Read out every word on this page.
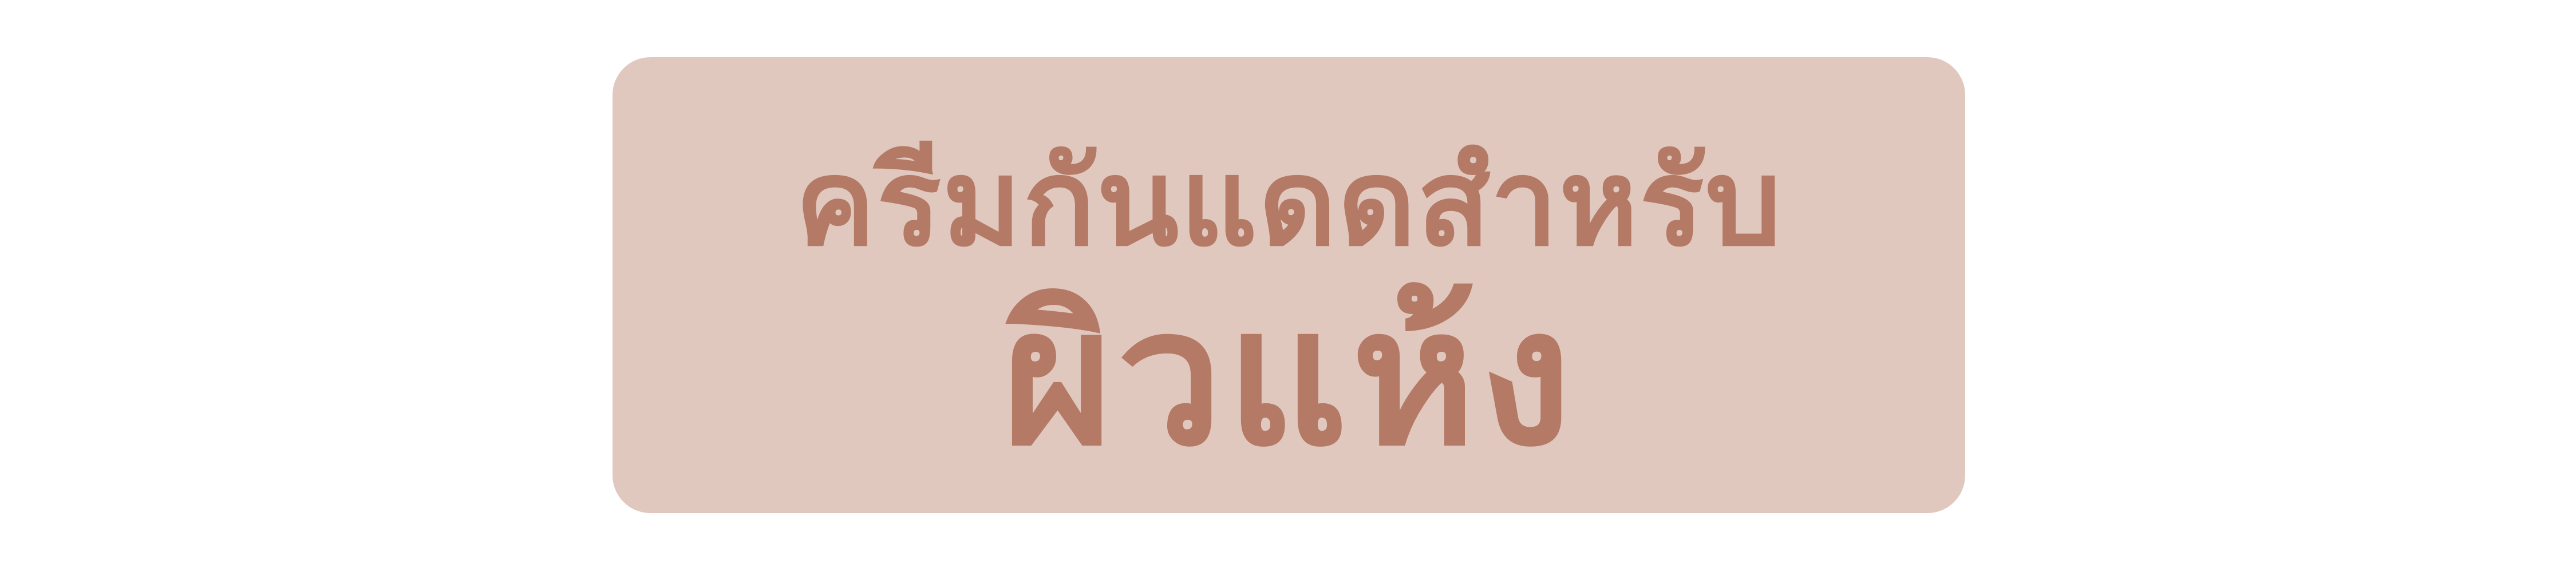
ครีมกันแดดสำหรับ
ผิวแห้ง
